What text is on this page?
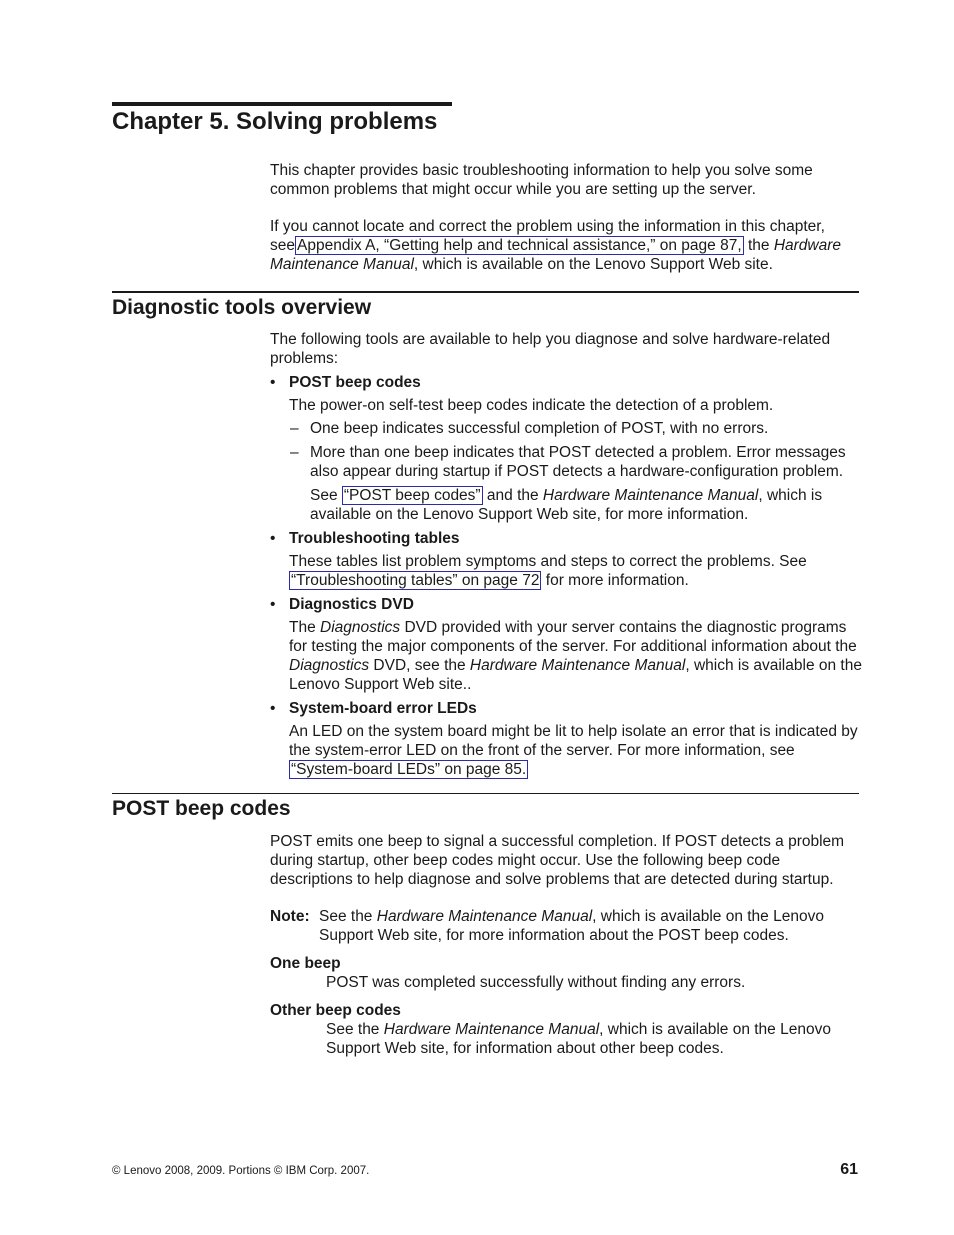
Chapter 5. Solving problems

This chapter provides basic troubleshooting information to help you solve some common problems that might occur while you are setting up the server.

If you cannot locate and correct the problem using the information in this chapter, see Appendix A, “Getting help and technical assistance,” on page 87, the Hardware Maintenance Manual, which is available on the Lenovo Support Web site.

Diagnostic tools overview

The following tools are available to help you diagnose and solve hardware-related problems:

• POST beep codes

The power-on self-test beep codes indicate the detection of a problem.

– One beep indicates successful completion of POST, with no errors.
– More than one beep indicates that POST detected a problem. Error messages also appear during startup if POST detects a hardware-configuration problem.

See “POST beep codes” and the Hardware Maintenance Manual, which is available on the Lenovo Support Web site, for more information.

• Troubleshooting tables

These tables list problem symptoms and steps to correct the problems. See “Troubleshooting tables” on page 72 for more information.

• Diagnostics DVD

The Diagnostics DVD provided with your server contains the diagnostic programs for testing the major components of the server. For additional information about the Diagnostics DVD, see the Hardware Maintenance Manual, which is available on the Lenovo Support Web site..

• System-board error LEDs

An LED on the system board might be lit to help isolate an error that is indicated by the system-error LED on the front of the server. For more information, see “System-board LEDs” on page 85.

POST beep codes

POST emits one beep to signal a successful completion. If POST detects a problem during startup, other beep codes might occur. Use the following beep code descriptions to help diagnose and solve problems that are detected during startup.

Note: See the Hardware Maintenance Manual, which is available on the Lenovo Support Web site, for more information about the POST beep codes.

One beep

POST was completed successfully without finding any errors.

Other beep codes

See the Hardware Maintenance Manual, which is available on the Lenovo Support Web site, for information about other beep codes.

© Lenovo 2008, 2009. Portions © IBM Corp. 2007.	61
